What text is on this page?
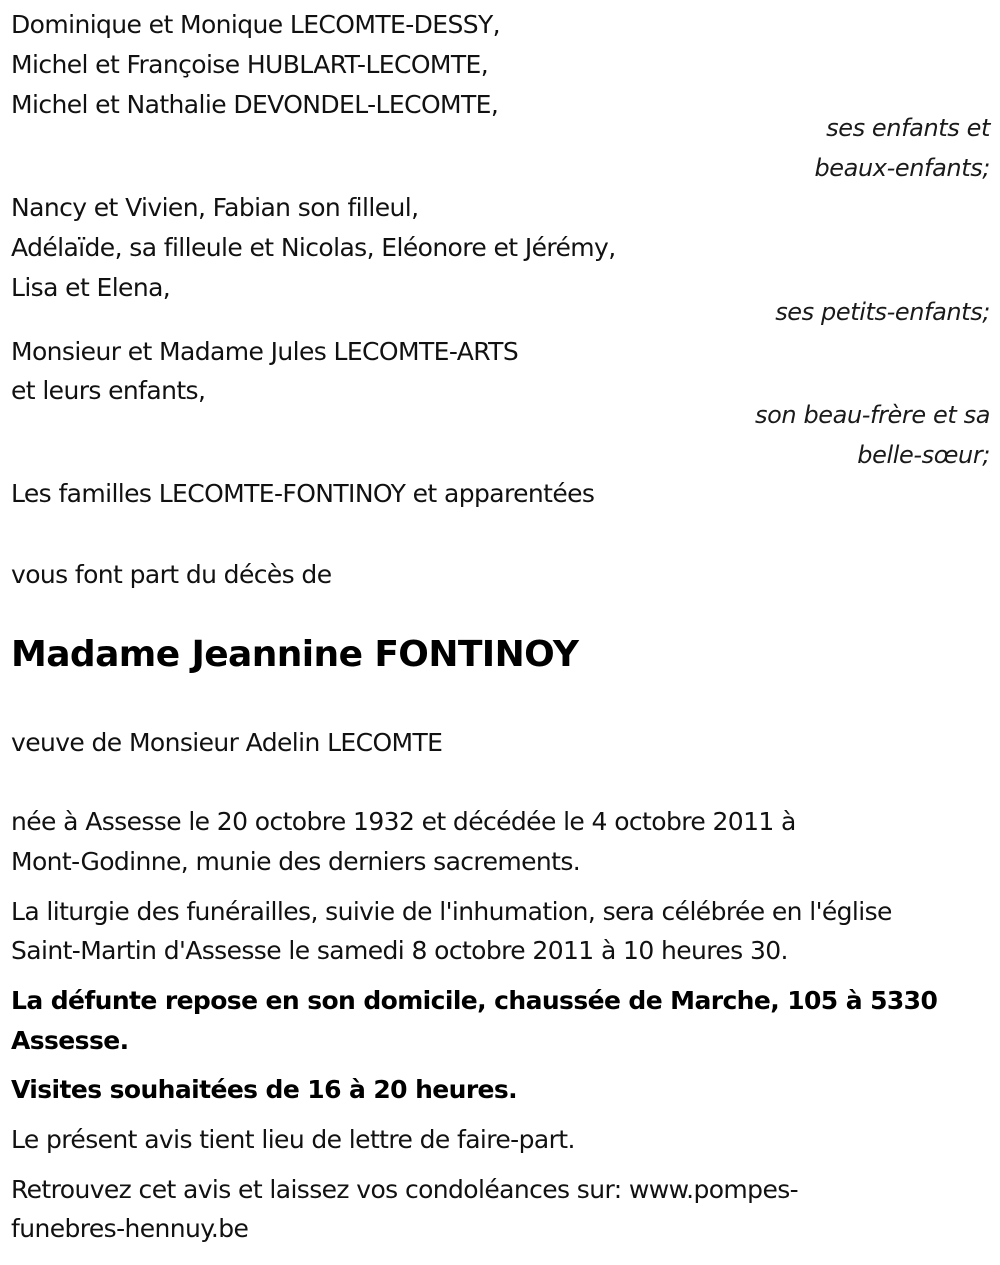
Dominique et Monique LECOMTE-DESSY,
Michel et Françoise HUBLART-LECOMTE,
Michel et Nathalie DEVONDEL-LECOMTE,
ses enfants et
beaux-enfants;
Nancy et Vivien, Fabian son filleul,
Adélaïde, sa filleule et Nicolas, Eléonore et Jérémy,
Lisa et Elena,
ses petits-enfants;
Monsieur et Madame Jules LECOMTE-ARTS
et leurs enfants,
son beau-frère et sa
belle-sœur;
Les familles LECOMTE-FONTINOY et apparentées
vous font part du décès de
Madame Jeannine FONTINOY
veuve de Monsieur Adelin LECOMTE
née à Assesse le 20 octobre 1932 et décédée le 4 octobre 2011 à
Mont-Godinne, munie des derniers sacrements.
La liturgie des funérailles, suivie de l'inhumation, sera célébrée en l'église
Saint-Martin d'Assesse le samedi 8 octobre 2011 à 10 heures 30.
La défunte repose en son domicile, chaussée de Marche, 105 à 5330
Assesse.
Visites souhaitées de 16 à 20 heures.
Le présent avis tient lieu de lettre de faire-part.
Retrouvez cet avis et laissez vos condoléances sur: www.pompes-
funebres-hennuy.be
